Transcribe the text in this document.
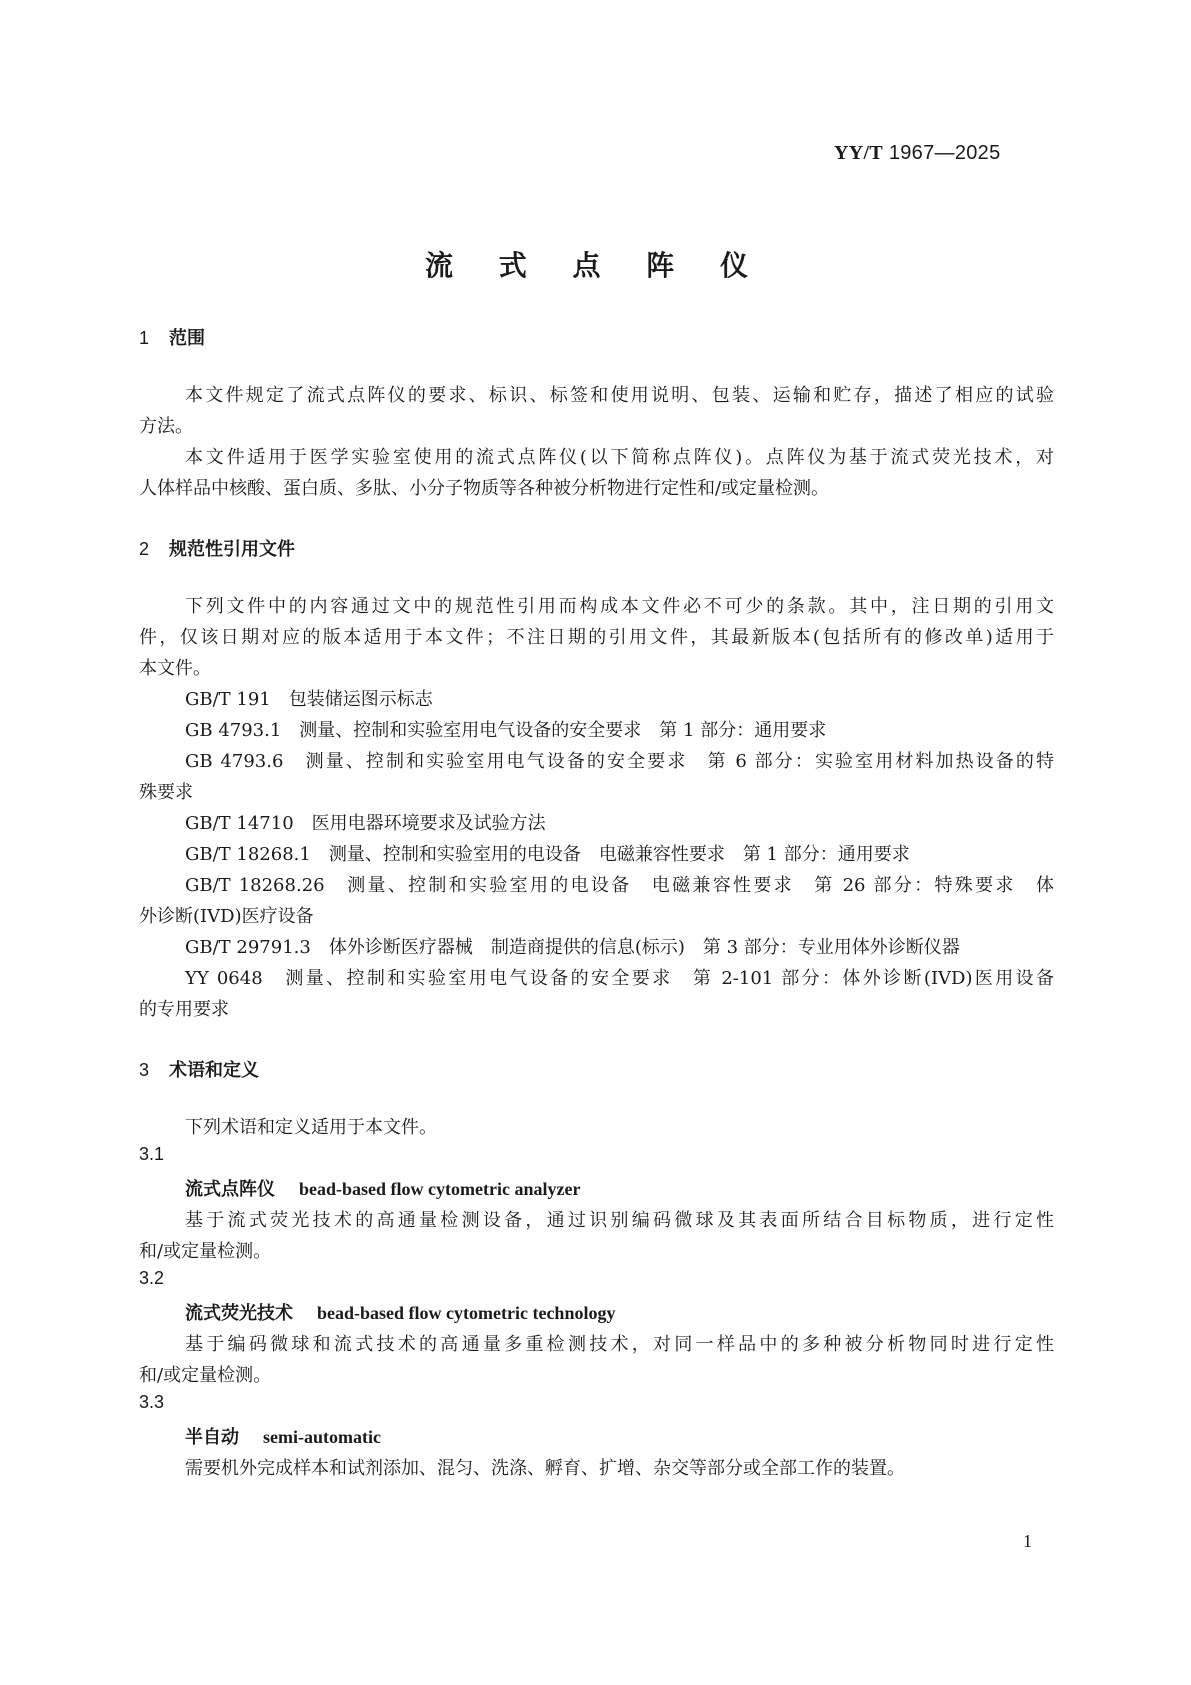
YY/T 1967—2025
流 式 点 阵 仪
1 范围
本文件规定了流式点阵仪的要求、标识、标签和使用说明、包装、运输和贮存，描述了相应的试验
方法。
本文件适用于医学实验室使用的流式点阵仪(以下简称点阵仪)。点阵仪为基于流式荧光技术，对
人体样品中核酸、蛋白质、多肽、小分子物质等各种被分析物进行定性和/或定量检测。
2 规范性引用文件
下列文件中的内容通过文中的规范性引用而构成本文件必不可少的条款。其中，注日期的引用文
件，仅该日期对应的版本适用于本文件；不注日期的引用文件，其最新版本(包括所有的修改单)适用于
本文件。
GB/T 191　包装储运图示标志
GB 4793.1　测量、控制和实验室用电气设备的安全要求　第 1 部分：通用要求
GB 4793.6　测量、控制和实验室用电气设备的安全要求　第 6 部分：实验室用材料加热设备的特
殊要求
GB/T 14710　医用电器环境要求及试验方法
GB/T 18268.1　测量、控制和实验室用的电设备　电磁兼容性要求　第 1 部分：通用要求
GB/T 18268.26　测量、控制和实验室用的电设备　电磁兼容性要求　第 26 部分：特殊要求　体
外诊断(IVD)医疗设备
GB/T 29791.3　体外诊断医疗器械　制造商提供的信息(标示)　第 3 部分：专业用体外诊断仪器
YY 0648　测量、控制和实验室用电气设备的安全要求　第 2-101 部分：体外诊断(IVD)医用设备
的专用要求
3 术语和定义
下列术语和定义适用于本文件。
3.1
流式点阵仪 bead-based flow cytometric analyzer
基于流式荧光技术的高通量检测设备，通过识别编码微球及其表面所结合目标物质，进行定性
和/或定量检测。
3.2
流式荧光技术 bead-based flow cytometric technology
基于编码微球和流式技术的高通量多重检测技术，对同一样品中的多种被分析物同时进行定性
和/或定量检测。
3.3
半自动 semi-automatic
需要机外完成样本和试剂添加、混匀、洗涤、孵育、扩增、杂交等部分或全部工作的装置。
1
